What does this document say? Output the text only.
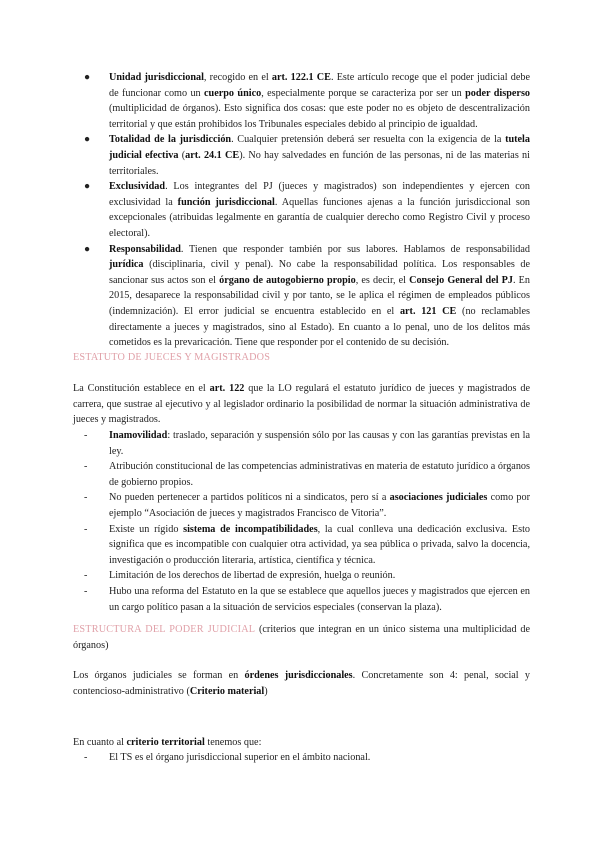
●	Unidad jurisdiccional, recogido en el art. 122.1 CE. Este artículo recoge que el poder judicial debe de funcionar como un cuerpo único, especialmente porque se caracteriza por ser un poder disperso (multiplicidad de órganos). Esto significa dos cosas: que este poder no es objeto de descentralización territorial y que están prohibidos los Tribunales especiales debido al principio de igualdad.
●	Totalidad de la jurisdicción. Cualquier pretensión deberá ser resuelta con la exigencia de la tutela judicial efectiva (art. 24.1 CE). No hay salvedades en función de las personas, ni de las materias ni territoriales.
●	Exclusividad. Los integrantes del PJ (jueces y magistrados) son independientes y ejercen con exclusividad la función jurisdiccional. Aquellas funciones ajenas a la función jurisdiccional son excepcionales (atribuidas legalmente en garantía de cualquier derecho como Registro Civil y proceso electoral).
●	Responsabilidad. Tienen que responder también por sus labores. Hablamos de responsabilidad jurídica (disciplinaria, civil y penal). No cabe la responsabilidad política. Los responsables de sancionar sus actos son el órgano de autogobierno propio, es decir, el Consejo General del PJ. En 2015, desaparece la responsabilidad civil y por tanto, se le aplica el régimen de empleados públicos (indemnización). El error judicial se encuentra establecido en el art. 121 CE (no reclamables directamente a jueces y magistrados, sino al Estado). En cuanto a lo penal, uno de los delitos más cometidos es la prevaricación. Tiene que responder por el contenido de su decisión.
ESTATUTO DE JUECES Y MAGISTRADOS
La Constitución establece en el art. 122 que la LO regulará el estatuto jurídico de jueces y magistrados de carrera, que sustrae al ejecutivo y al legislador ordinario la posibilidad de normar la situación administrativa de jueces y magistrados.
- Inamovilidad: traslado, separación y suspensión sólo por las causas y con las garantías previstas en la ley.
- Atribución constitucional de las competencias administrativas en materia de estatuto jurídico a órganos de gobierno propios.
- No pueden pertenecer a partidos políticos ni a sindicatos, pero sí a asociaciones judiciales como por ejemplo “Asociación de jueces y magistrados Francisco de Vitoria”.
- Existe un rígido sistema de incompatibilidades, la cual conlleva una dedicación exclusiva. Esto significa que es incompatible con cualquier otra actividad, ya sea pública o privada, salvo la docencia, investigación o producción literaria, artística, científica y técnica.
- Limitación de los derechos de libertad de expresión, huelga o reunión.
- Hubo una reforma del Estatuto en la que se establece que aquellos jueces y magistrados que ejercen en un cargo político pasan a la situación de servicios especiales (conservan la plaza).
ESTRUCTURA DEL PODER JUDICIAL (criterios que integran en un único sistema una multiplicidad de órganos)
Los órganos judiciales se forman en órdenes jurisdiccionales. Concretamente son 4: penal, social y contencioso-administrativo (Criterio material)
En cuanto al criterio territorial tenemos que:
- El TS es el órgano jurisdiccional superior en el ámbito nacional.
